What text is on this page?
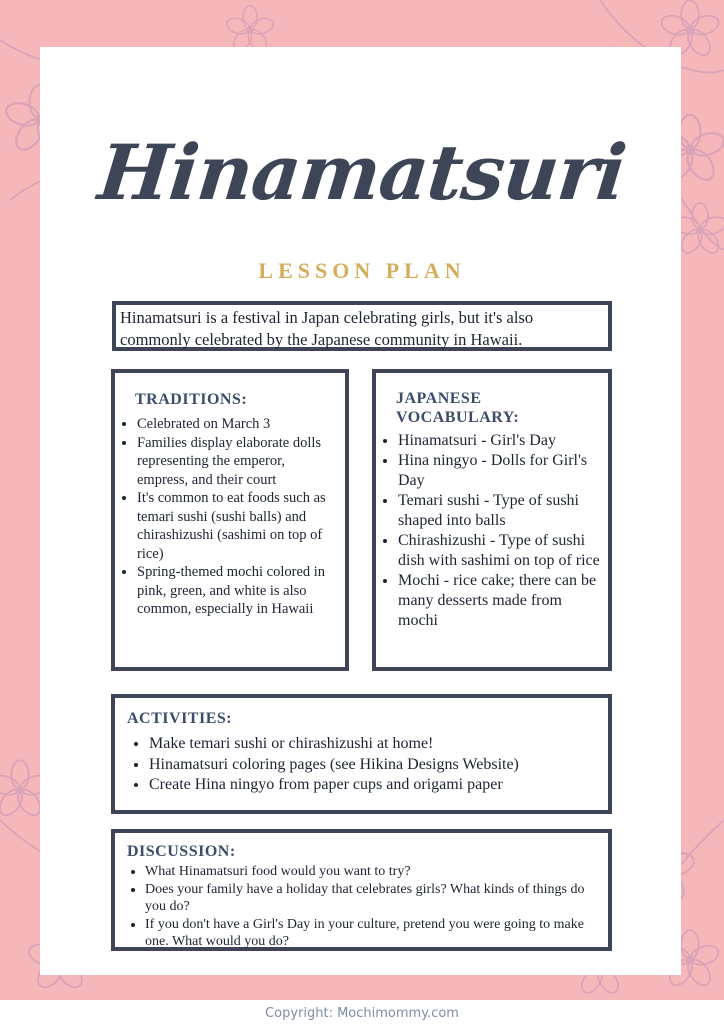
Hinamatsuri
LESSON PLAN
Hinamatsuri is a festival in Japan celebrating girls, but it's also commonly celebrated by the Japanese community in Hawaii.
TRADITIONS:
• Celebrated on March 3
• Families display elaborate dolls representing the emperor, empress, and their court
• It's common to eat foods such as temari sushi (sushi balls) and chirashizushi (sashimi on top of rice)
• Spring-themed mochi colored in pink, green, and white is also common, especially in Hawaii
JAPANESE VOCABULARY:
• Hinamatsuri - Girl's Day
• Hina ningyo - Dolls for Girl's Day
• Temari sushi - Type of sushi shaped into balls
• Chirashizushi - Type of sushi dish with sashimi on top of rice
• Mochi - rice cake; there can be many desserts made from mochi
ACTIVITIES:
• Make temari sushi or chirashizushi at home!
• Hinamatsuri coloring pages (see Hikina Designs Website)
• Create Hina ningyo from paper cups and origami paper
DISCUSSION:
• What Hinamatsuri food would you want to try?
• Does your family have a holiday that celebrates girls? What kinds of things do you do?
• If you don't have a Girl's Day in your culture, pretend you were going to make one. What would you do?
Copyright: Mochimommy.com
